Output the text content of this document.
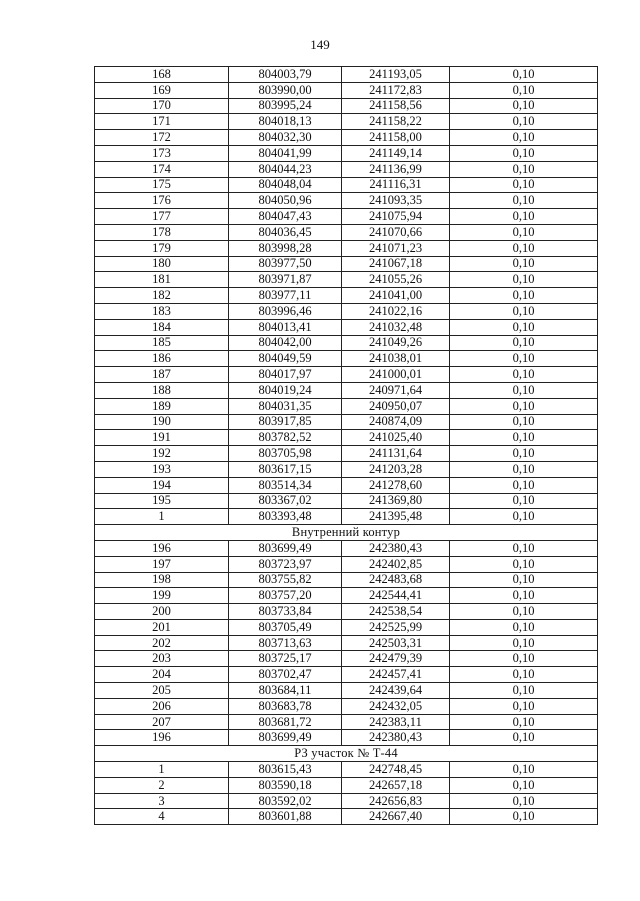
149
168	804003,79	241193,05	0,10
169	803990,00	241172,83	0,10
170	803995,24	241158,56	0,10
171	804018,13	241158,22	0,10
172	804032,30	241158,00	0,10
173	804041,99	241149,14	0,10
174	804044,23	241136,99	0,10
175	804048,04	241116,31	0,10
176	804050,96	241093,35	0,10
177	804047,43	241075,94	0,10
178	804036,45	241070,66	0,10
179	803998,28	241071,23	0,10
180	803977,50	241067,18	0,10
181	803971,87	241055,26	0,10
182	803977,11	241041,00	0,10
183	803996,46	241022,16	0,10
184	804013,41	241032,48	0,10
185	804042,00	241049,26	0,10
186	804049,59	241038,01	0,10
187	804017,97	241000,01	0,10
188	804019,24	240971,64	0,10
189	804031,35	240950,07	0,10
190	803917,85	240874,09	0,10
191	803782,52	241025,40	0,10
192	803705,98	241131,64	0,10
193	803617,15	241203,28	0,10
194	803514,34	241278,60	0,10
195	803367,02	241369,80	0,10
1	803393,48	241395,48	0,10
Внутренний контур			
196	803699,49	242380,43	0,10
197	803723,97	242402,85	0,10
198	803755,82	242483,68	0,10
199	803757,20	242544,41	0,10
200	803733,84	242538,54	0,10
201	803705,49	242525,99	0,10
202	803713,63	242503,31	0,10
203	803725,17	242479,39	0,10
204	803702,47	242457,41	0,10
205	803684,11	242439,64	0,10
206	803683,78	242432,05	0,10
207	803681,72	242383,11	0,10
196	803699,49	242380,43	0,10
РЗ участок № Т-44			
1	803615,43	242748,45	0,10
2	803590,18	242657,18	0,10
3	803592,02	242656,83	0,10
4	803601,88	242667,40	0,10
